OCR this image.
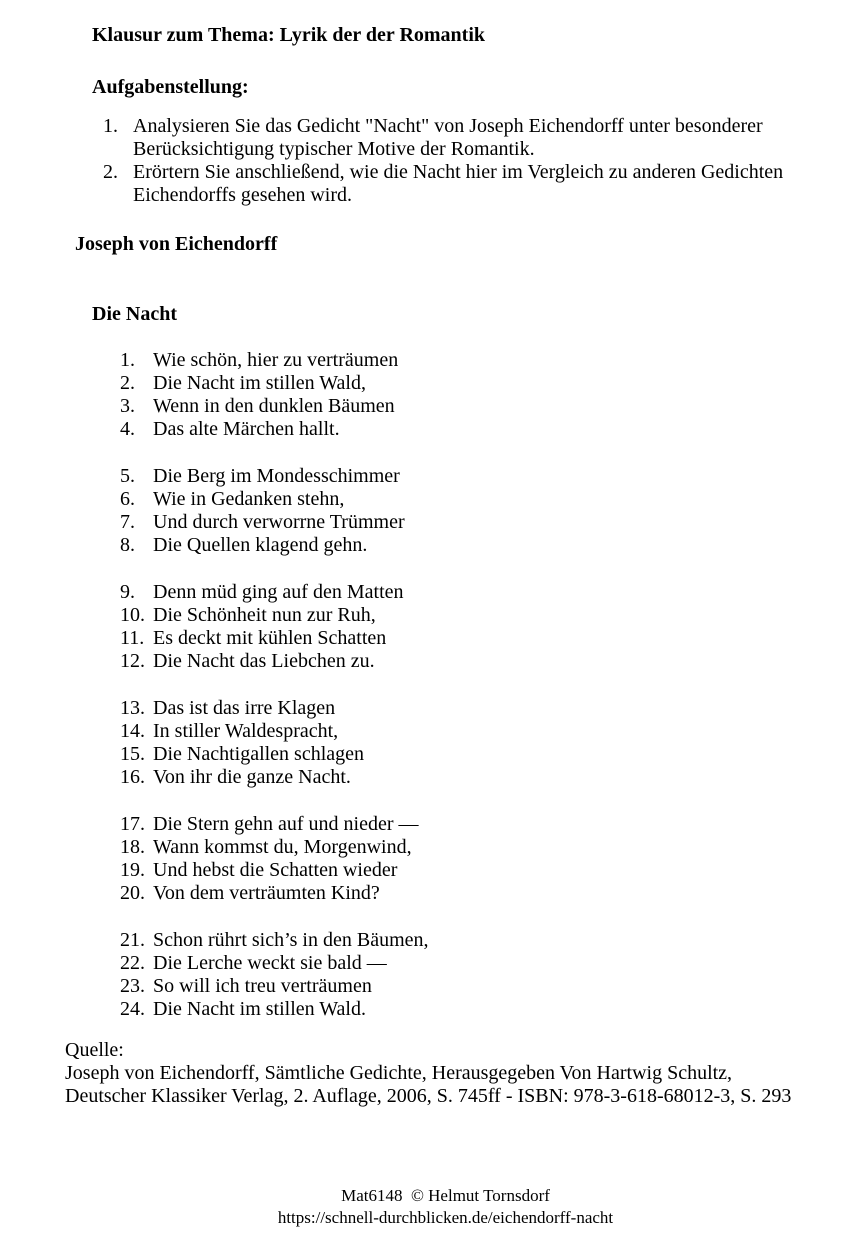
Klausur zum Thema: Lyrik der der Romantik
Aufgabenstellung:
1. Analysieren Sie das Gedicht "Nacht" von Joseph Eichendorff unter besonderer
Berücksichtigung typischer Motive der Romantik.
2. Erörtern Sie anschließend, wie die Nacht hier im Vergleich zu anderen Gedichten
Eichendorffs gesehen wird.
Joseph von Eichendorff
Die Nacht
1. Wie schön, hier zu verträumen
2. Die Nacht im stillen Wald,
3. Wenn in den dunklen Bäumen
4. Das alte Märchen hallt.
5. Die Berg im Mondesschimmer
6. Wie in Gedanken stehn,
7. Und durch verworrne Trümmer
8. Die Quellen klagend gehn.
9. Denn müd ging auf den Matten
10. Die Schönheit nun zur Ruh,
11. Es deckt mit kühlen Schatten
12. Die Nacht das Liebchen zu.
13. Das ist das irre Klagen
14. In stiller Waldespracht,
15. Die Nachtigallen schlagen
16. Von ihr die ganze Nacht.
17. Die Stern gehn auf und nieder —
18. Wann kommst du, Morgenwind,
19. Und hebst die Schatten wieder
20. Von dem verträumten Kind?
21. Schon rührt sich’s in den Bäumen,
22. Die Lerche weckt sie bald —
23. So will ich treu verträumen
24. Die Nacht im stillen Wald.
Quelle:
Joseph von Eichendorff, Sämtliche Gedichte, Herausgegeben Von Hartwig Schultz,
Deutscher Klassiker Verlag, 2. Auflage, 2006, S. 745ff - ISBN: 978-3-618-68012-3, S. 293
Mat6148  © Helmut Tornsdorf
https://schnell-durchblicken.de/eichendorff-nacht
